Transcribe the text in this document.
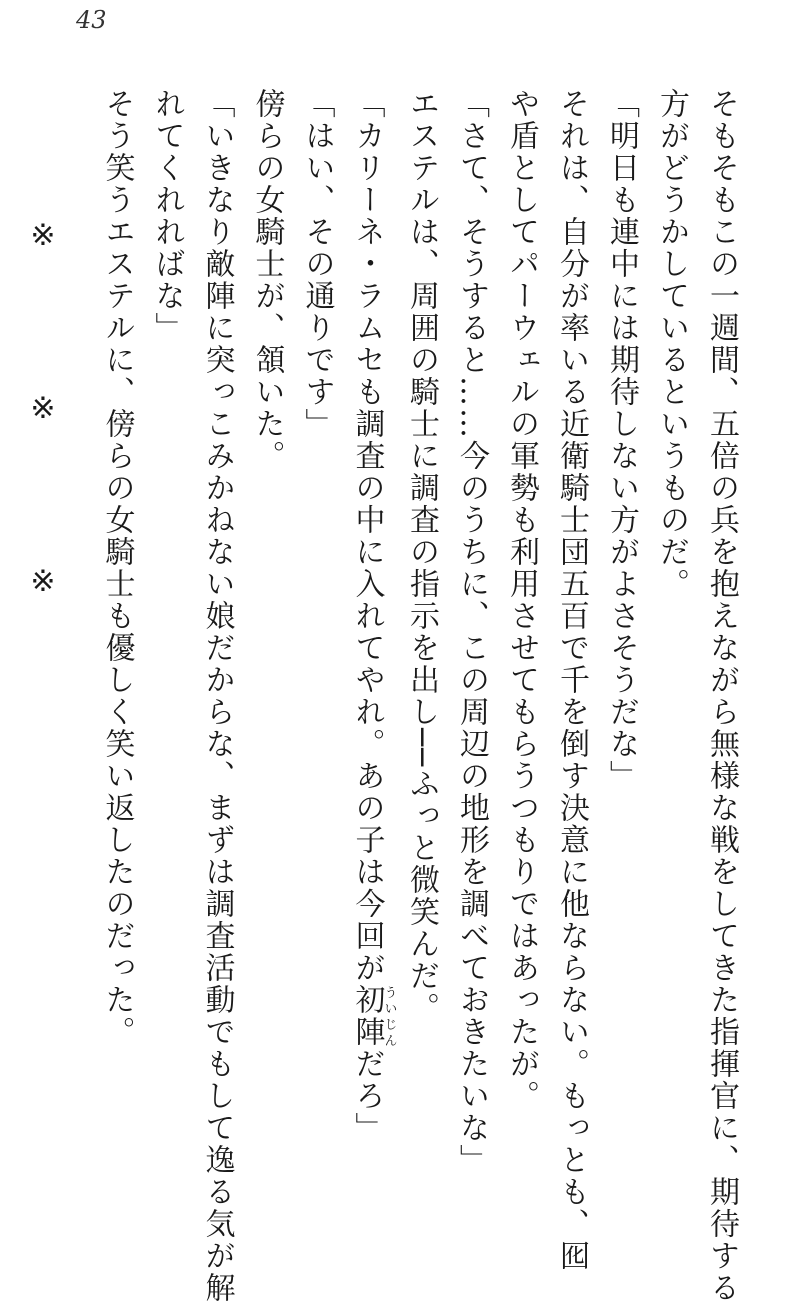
43
そもそもこの一週間、五倍の兵を抱えながら無様な戦をしてきた指揮官に、期待する
方がどうかしているというものだ。
「明日も連中には期待しない方がよさそうだな」
それは、自分が率いる近衛騎士団五百で千を倒す決意に他ならない。もっとも、囮
や盾としてパーウェルの軍勢も利用させてもらうつもりではあったが。
「さて、そうすると……今のうちに、この周辺の地形を調べておきたいな」
エステルは、周囲の騎士に調査の指示を出し──ふっと微笑んだ。
「カリーネ・ラムセも調査の中に入れてやれ。あの子は今回が初陣ういじんだろ」
「はい、その通りです」
傍らの女騎士が、頷いた。
「いきなり敵陣に突っこみかねない娘だからな、まずは調査活動でもして逸る気が解
れてくれればな」
そう笑うエステルに、傍らの女騎士も優しく笑い返したのだった。
※　※　※
